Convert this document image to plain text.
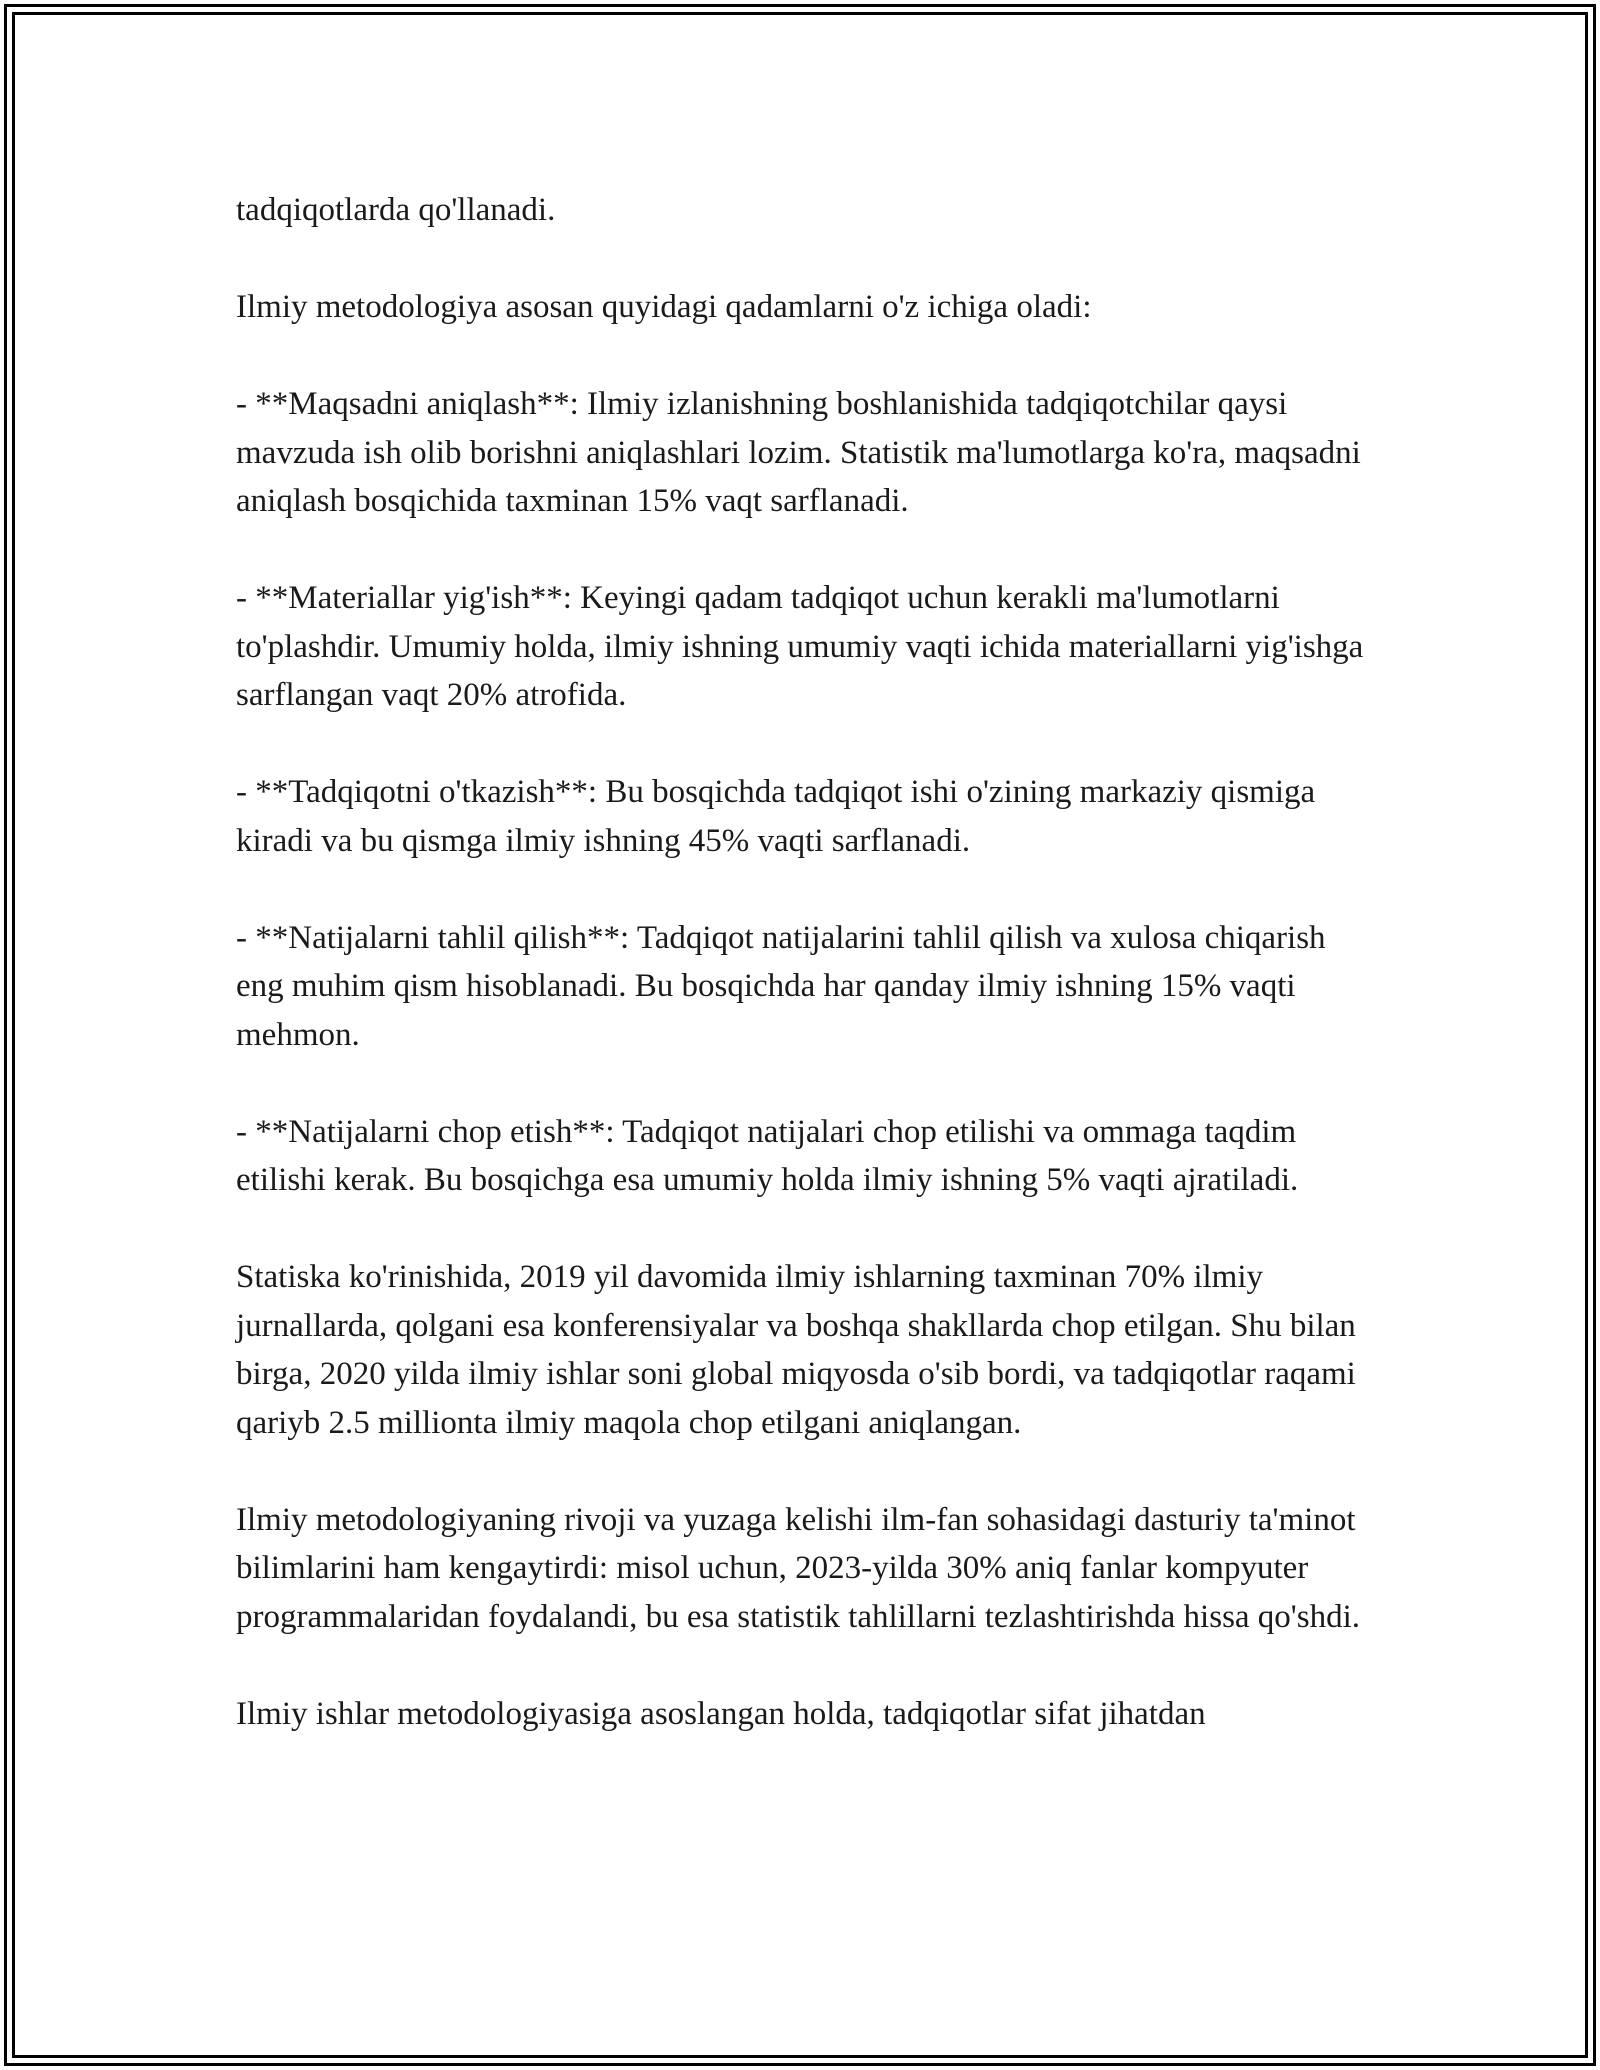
tadqiqotlarda qo'llanadi.

Ilmiy metodologiya asosan quyidagi qadamlarni o'z ichiga oladi:

- **Maqsadni aniqlash**: Ilmiy izlanishning boshlanishida tadqiqotchilar qaysi mavzuda ish olib borishni aniqlashlari lozim. Statistik ma'lumotlarga ko'ra, maqsadni aniqlash bosqichida taxminan 15% vaqt sarflanadi.

- **Materiallar yig'ish**: Keyingi qadam tadqiqot uchun kerakli ma'lumotlarni to'plashdir. Umumiy holda, ilmiy ishning umumiy vaqti ichida materiallarni yig'ishga sarflangan vaqt 20% atrofida.

- **Tadqiqotni o'tkazish**: Bu bosqichda tadqiqot ishi o'zining markaziy qismiga kiradi va bu qismga ilmiy ishning 45% vaqti sarflanadi.

- **Natijalarni tahlil qilish**: Tadqiqot natijalarini tahlil qilish va xulosa chiqarish eng muhim qism hisoblanadi. Bu bosqichda har qanday ilmiy ishning 15% vaqti mehmon.

- **Natijalarni chop etish**: Tadqiqot natijalari chop etilishi va ommaga taqdim etilishi kerak. Bu bosqichga esa umumiy holda ilmiy ishning 5% vaqti ajratiladi.

Statiska ko'rinishida, 2019 yil davomida ilmiy ishlarning taxminan 70% ilmiy jurnallarda, qolgani esa konferensiyalar va boshqa shakllarda chop etilgan. Shu bilan birga, 2020 yilda ilmiy ishlar soni global miqyosda o'sib bordi, va tadqiqotlar raqami qariyb 2.5 millionta ilmiy maqola chop etilgani aniqlangan.

Ilmiy metodologiyaning rivoji va yuzaga kelishi ilm-fan sohasidagi dasturiy ta'minot bilimlarini ham kengaytirdi: misol uchun, 2023-yilda 30% aniq fanlar kompyuter programmalaridan foydalandi, bu esa statistik tahlillarni tezlashtirishda hissa qo'shdi.

Ilmiy ishlar metodologiyasiga asoslangan holda, tadqiqotlar sifat jihatdan
